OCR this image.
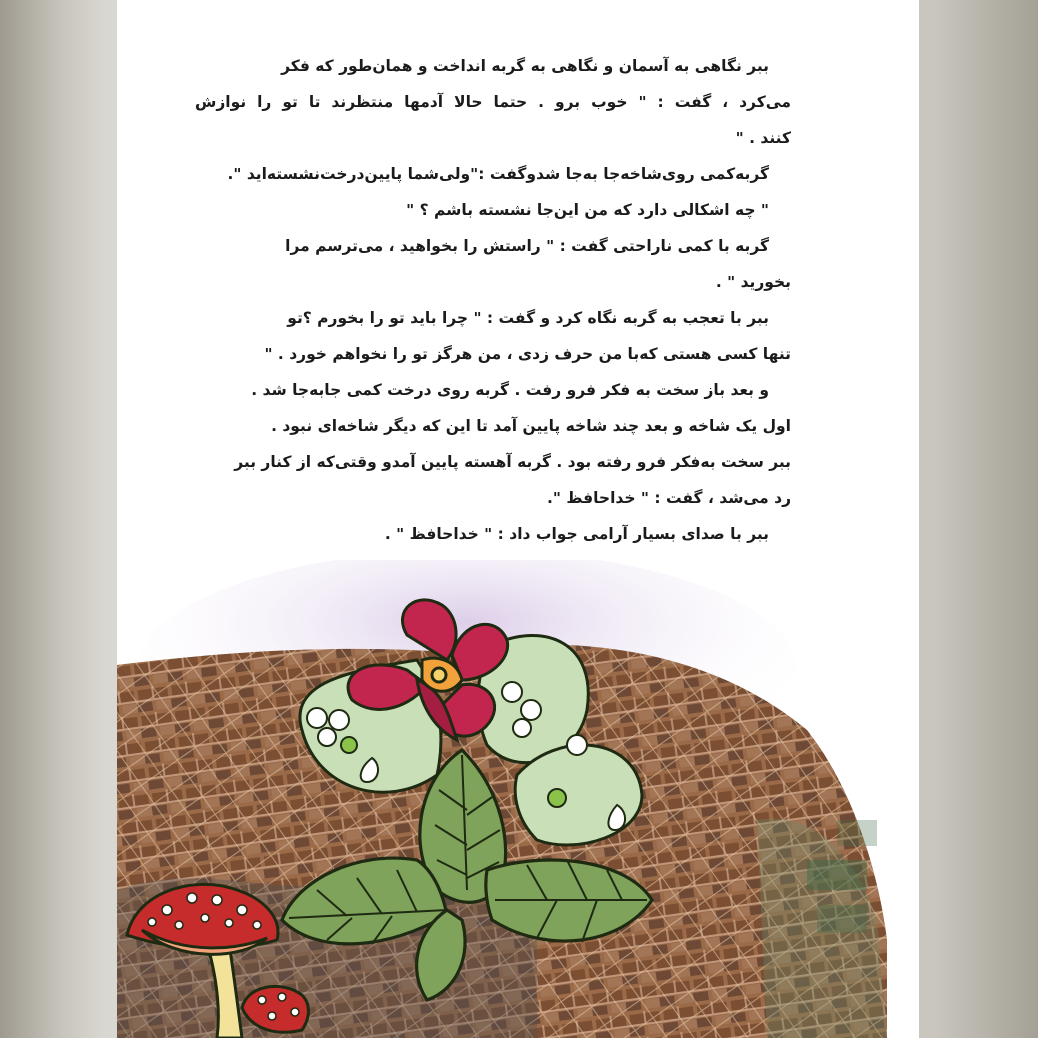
ببر نگاهی به آسمان و نگاهی به گربه انداخت و همان‌طور که فکر
می‌کرد ، گفت : " خوب برو . حتما حالا آدمها منتظرند تا تو را نوازش
کنند . "
گربه‌کمی روی‌شاخه‌جا به‌جا شدوگفت :"ولی‌شما پایین‌درخت‌نشسته‌اید ".
" چه اشکالی دارد که من این‌جا نشسته باشم ؟ "
گربه با کمی ناراحتی گفت : " راستش را بخواهید ، می‌ترسم مرا
بخورید " .
ببر با تعجب به گربه نگاه کرد و گفت : " چرا باید تو را بخورم ؟تو
تنها کسی هستی که‌با من حرف زدی ، من هرگز تو را نخواهم خورد . "
و بعد باز سخت به فکر فرو رفت . گربه روی درخت کمی جا‌به‌جا شد .
اول یک شاخه و بعد چند شاخه پایین آمد تا این که دیگر شاخه‌ای نبود .
ببر سخت به‌فکر فرو رفته بود . گربه آهسته پایین آمدو وقتی‌که از کنار ببر
رد می‌شد ، گفت : " خداحافظ ".
ببر با صدای بسیار آرامی جواب داد : " خداحافظ " .
